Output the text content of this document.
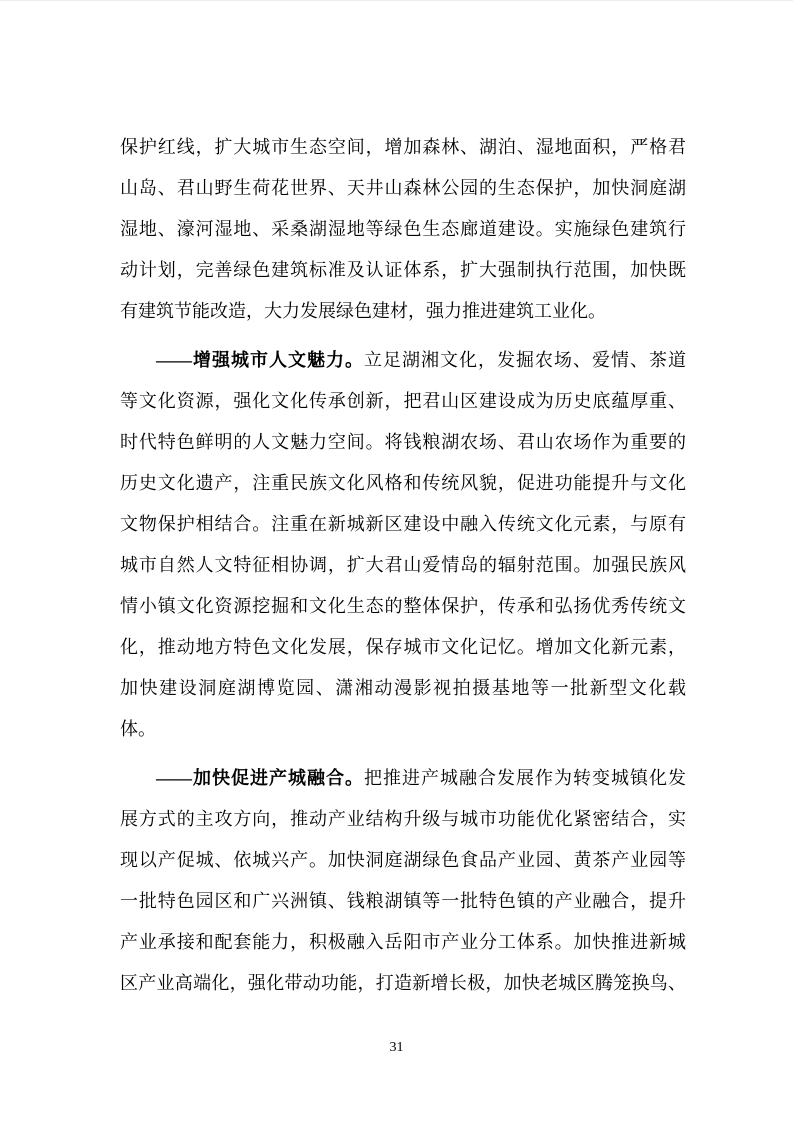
保护红线，扩大城市生态空间，增加森林、湖泊、湿地面积，严格君
山岛、君山野生荷花世界、天井山森林公园的生态保护，加快洞庭湖
湿地、濠河湿地、采桑湖湿地等绿色生态廊道建设。实施绿色建筑行
动计划，完善绿色建筑标准及认证体系，扩大强制执行范围，加快既
有建筑节能改造，大力发展绿色建材，强力推进建筑工业化。
——增强城市人文魅力。立足湖湘文化，发掘农场、爱情、茶道
等文化资源，强化文化传承创新，把君山区建设成为历史底蕴厚重、
时代特色鲜明的人文魅力空间。将钱粮湖农场、君山农场作为重要的
历史文化遗产，注重民族文化风格和传统风貌，促进功能提升与文化
文物保护相结合。注重在新城新区建设中融入传统文化元素，与原有
城市自然人文特征相协调，扩大君山爱情岛的辐射范围。加强民族风
情小镇文化资源挖掘和文化生态的整体保护，传承和弘扬优秀传统文
化，推动地方特色文化发展，保存城市文化记忆。增加文化新元素，
加快建设洞庭湖博览园、潇湘动漫影视拍摄基地等一批新型文化载
体。
——加快促进产城融合。把推进产城融合发展作为转变城镇化发
展方式的主攻方向，推动产业结构升级与城市功能优化紧密结合，实
现以产促城、依城兴产。加快洞庭湖绿色食品产业园、黄茶产业园等
一批特色园区和广兴洲镇、钱粮湖镇等一批特色镇的产业融合，提升
产业承接和配套能力，积极融入岳阳市产业分工体系。加快推进新城
区产业高端化，强化带动功能，打造新增长极，加快老城区腾笼换鸟、
31
